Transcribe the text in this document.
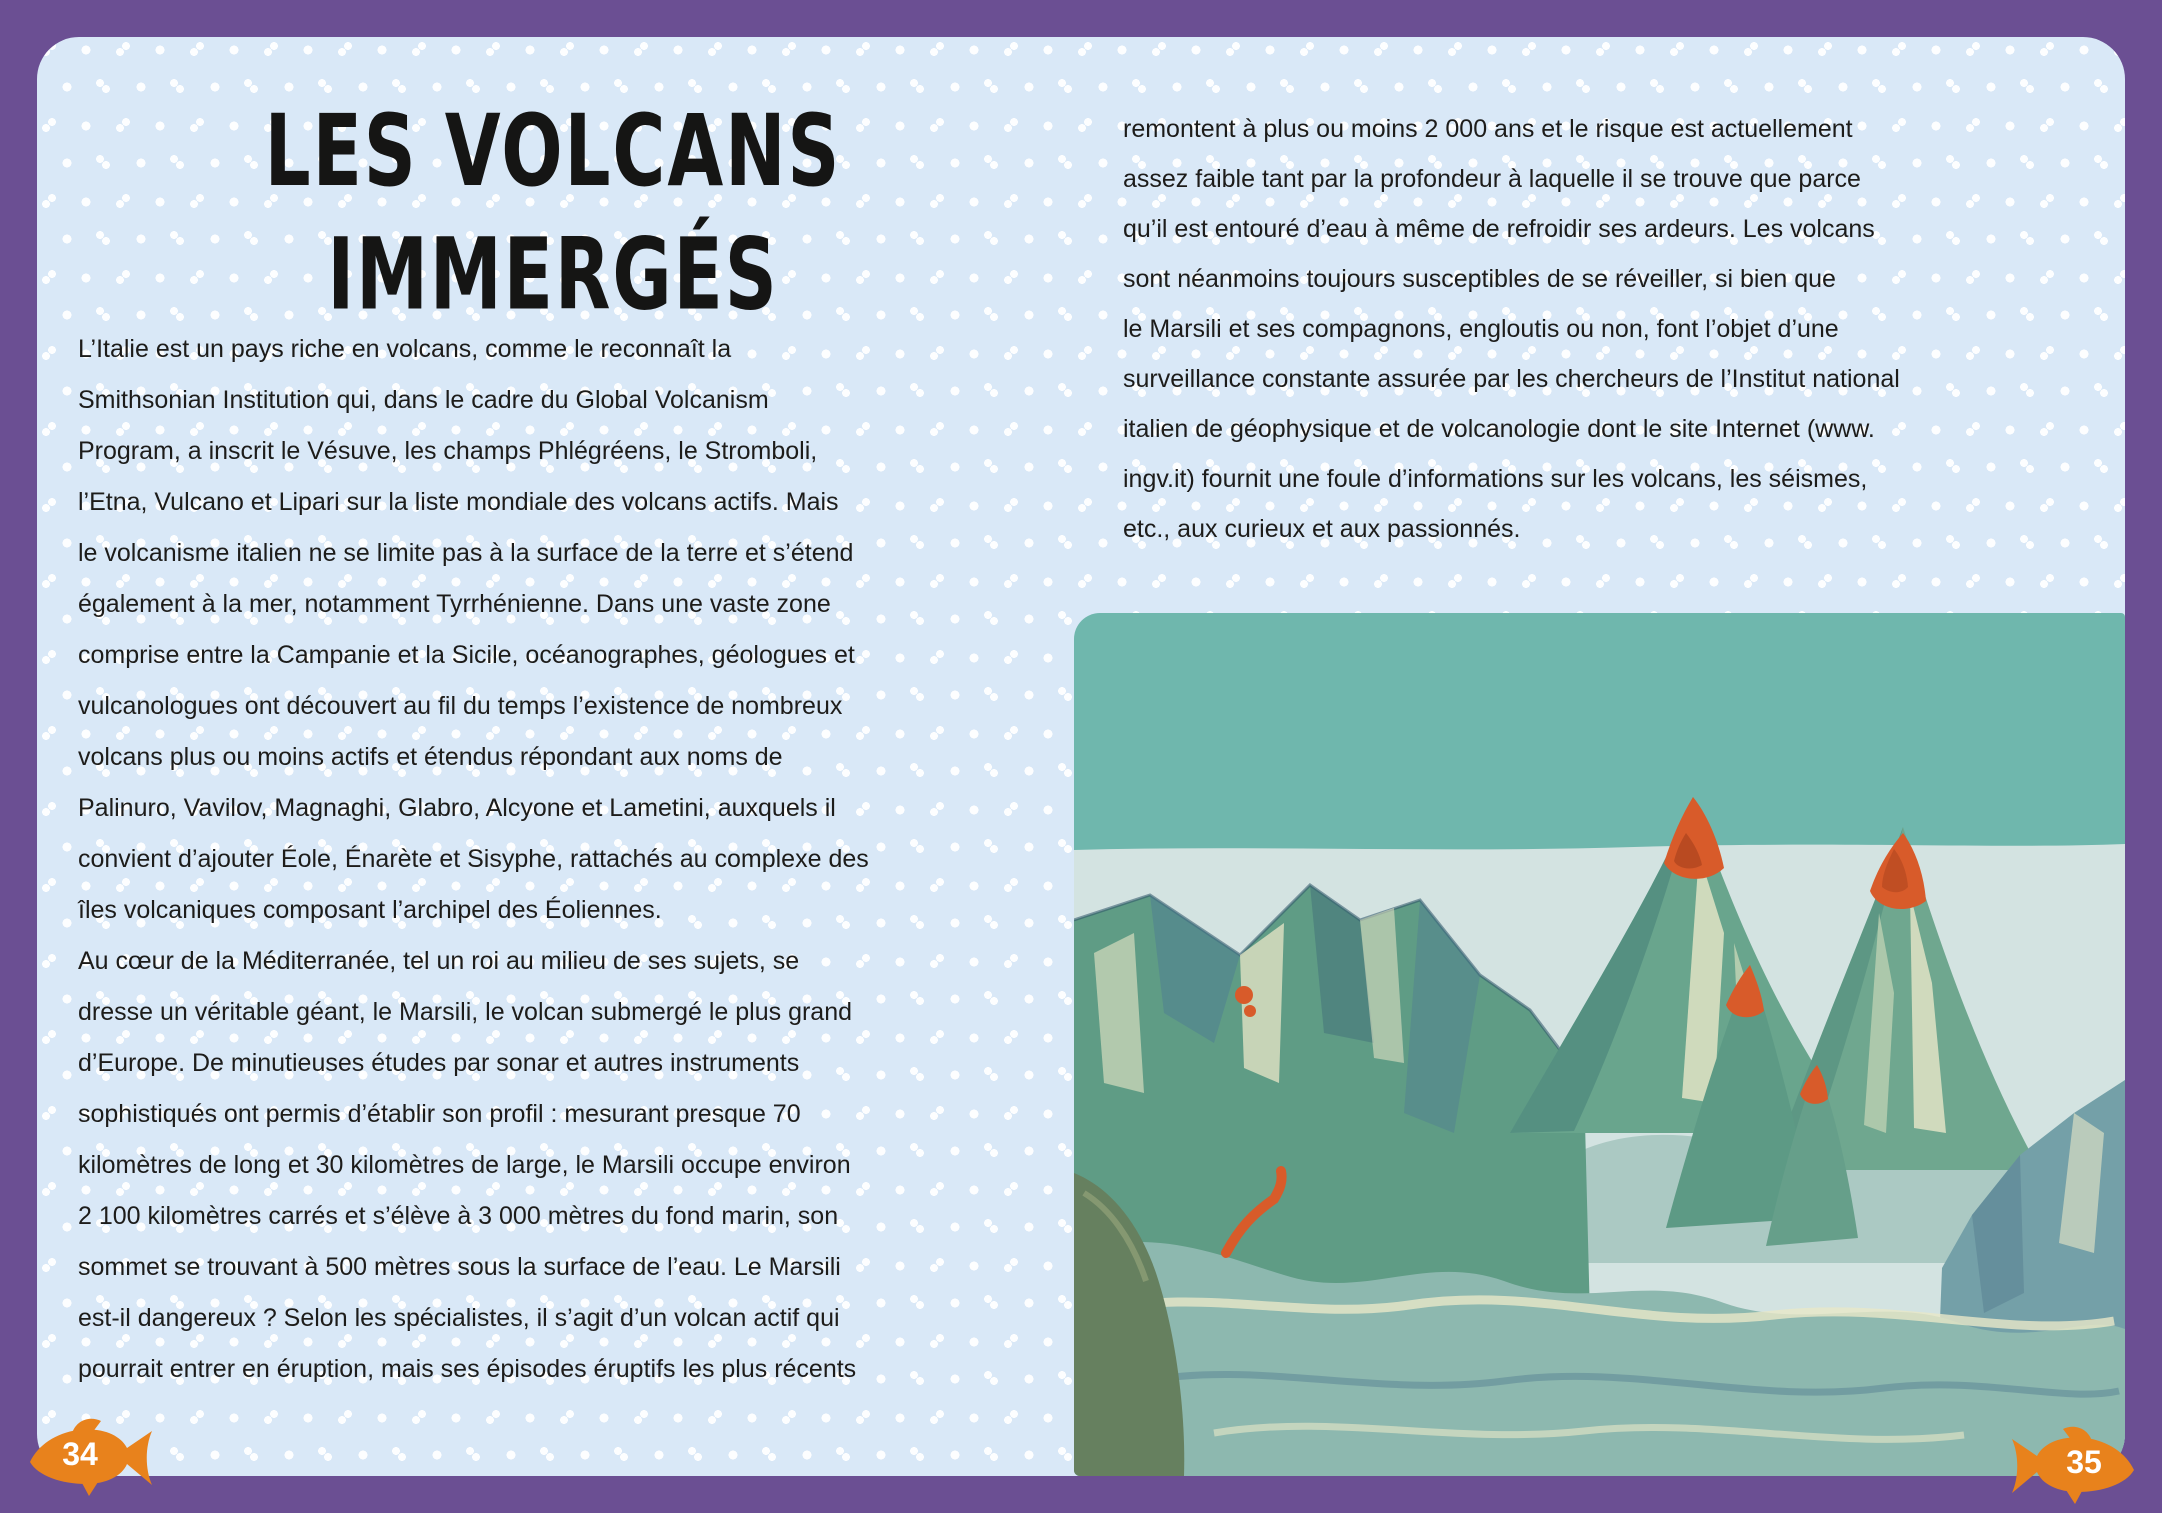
LES VOLCANS
IMMERGÉS
L’Italie est un pays riche en volcans, comme le reconnaît la
Smithsonian Institution qui, dans le cadre du Global Volcanism
Program, a inscrit le Vésuve, les champs Phlégréens, le Stromboli,
l’Etna, Vulcano et Lipari sur la liste mondiale des volcans actifs. Mais
le volcanisme italien ne se limite pas à la surface de la terre et s’étend
également à la mer, notamment Tyrrhénienne. Dans une vaste zone
comprise entre la Campanie et la Sicile, océanographes, géologues et
vulcanologues ont découvert au fil du temps l’existence de nombreux
volcans plus ou moins actifs et étendus répondant aux noms de
Palinuro, Vavilov, Magnaghi, Glabro, Alcyone et Lametini, auxquels il
convient d’ajouter Éole, Énarète et Sisyphe, rattachés au complexe des
îles volcaniques composant l’archipel des Éoliennes.
Au cœur de la Méditerranée, tel un roi au milieu de ses sujets, se
dresse un véritable géant, le Marsili, le volcan submergé le plus grand
d’Europe. De minutieuses études par sonar et autres instruments
sophistiqués ont permis d’établir son profil : mesurant presque 70
kilomètres de long et 30 kilomètres de large, le Marsili occupe environ
2 100 kilomètres carrés et s’élève à 3 000 mètres du fond marin, son
sommet se trouvant à 500 mètres sous la surface de l’eau. Le Marsili
est-il dangereux ? Selon les spécialistes, il s’agit d’un volcan actif qui
pourrait entrer en éruption, mais ses épisodes éruptifs les plus récents
remontent à plus ou moins 2 000 ans et le risque est actuellement
assez faible tant par la profondeur à laquelle il se trouve que parce
qu’il est entouré d’eau à même de refroidir ses ardeurs. Les volcans
sont néanmoins toujours susceptibles de se réveiller, si bien que
le Marsili et ses compagnons, engloutis ou non, font l’objet d’une
surveillance constante assurée par les chercheurs de l’Institut national
italien de géophysique et de volcanologie dont le site Internet (www.
ingv.it) fournit une foule d’informations sur les volcans, les séismes,
etc., aux curieux et aux passionnés.
34	35
